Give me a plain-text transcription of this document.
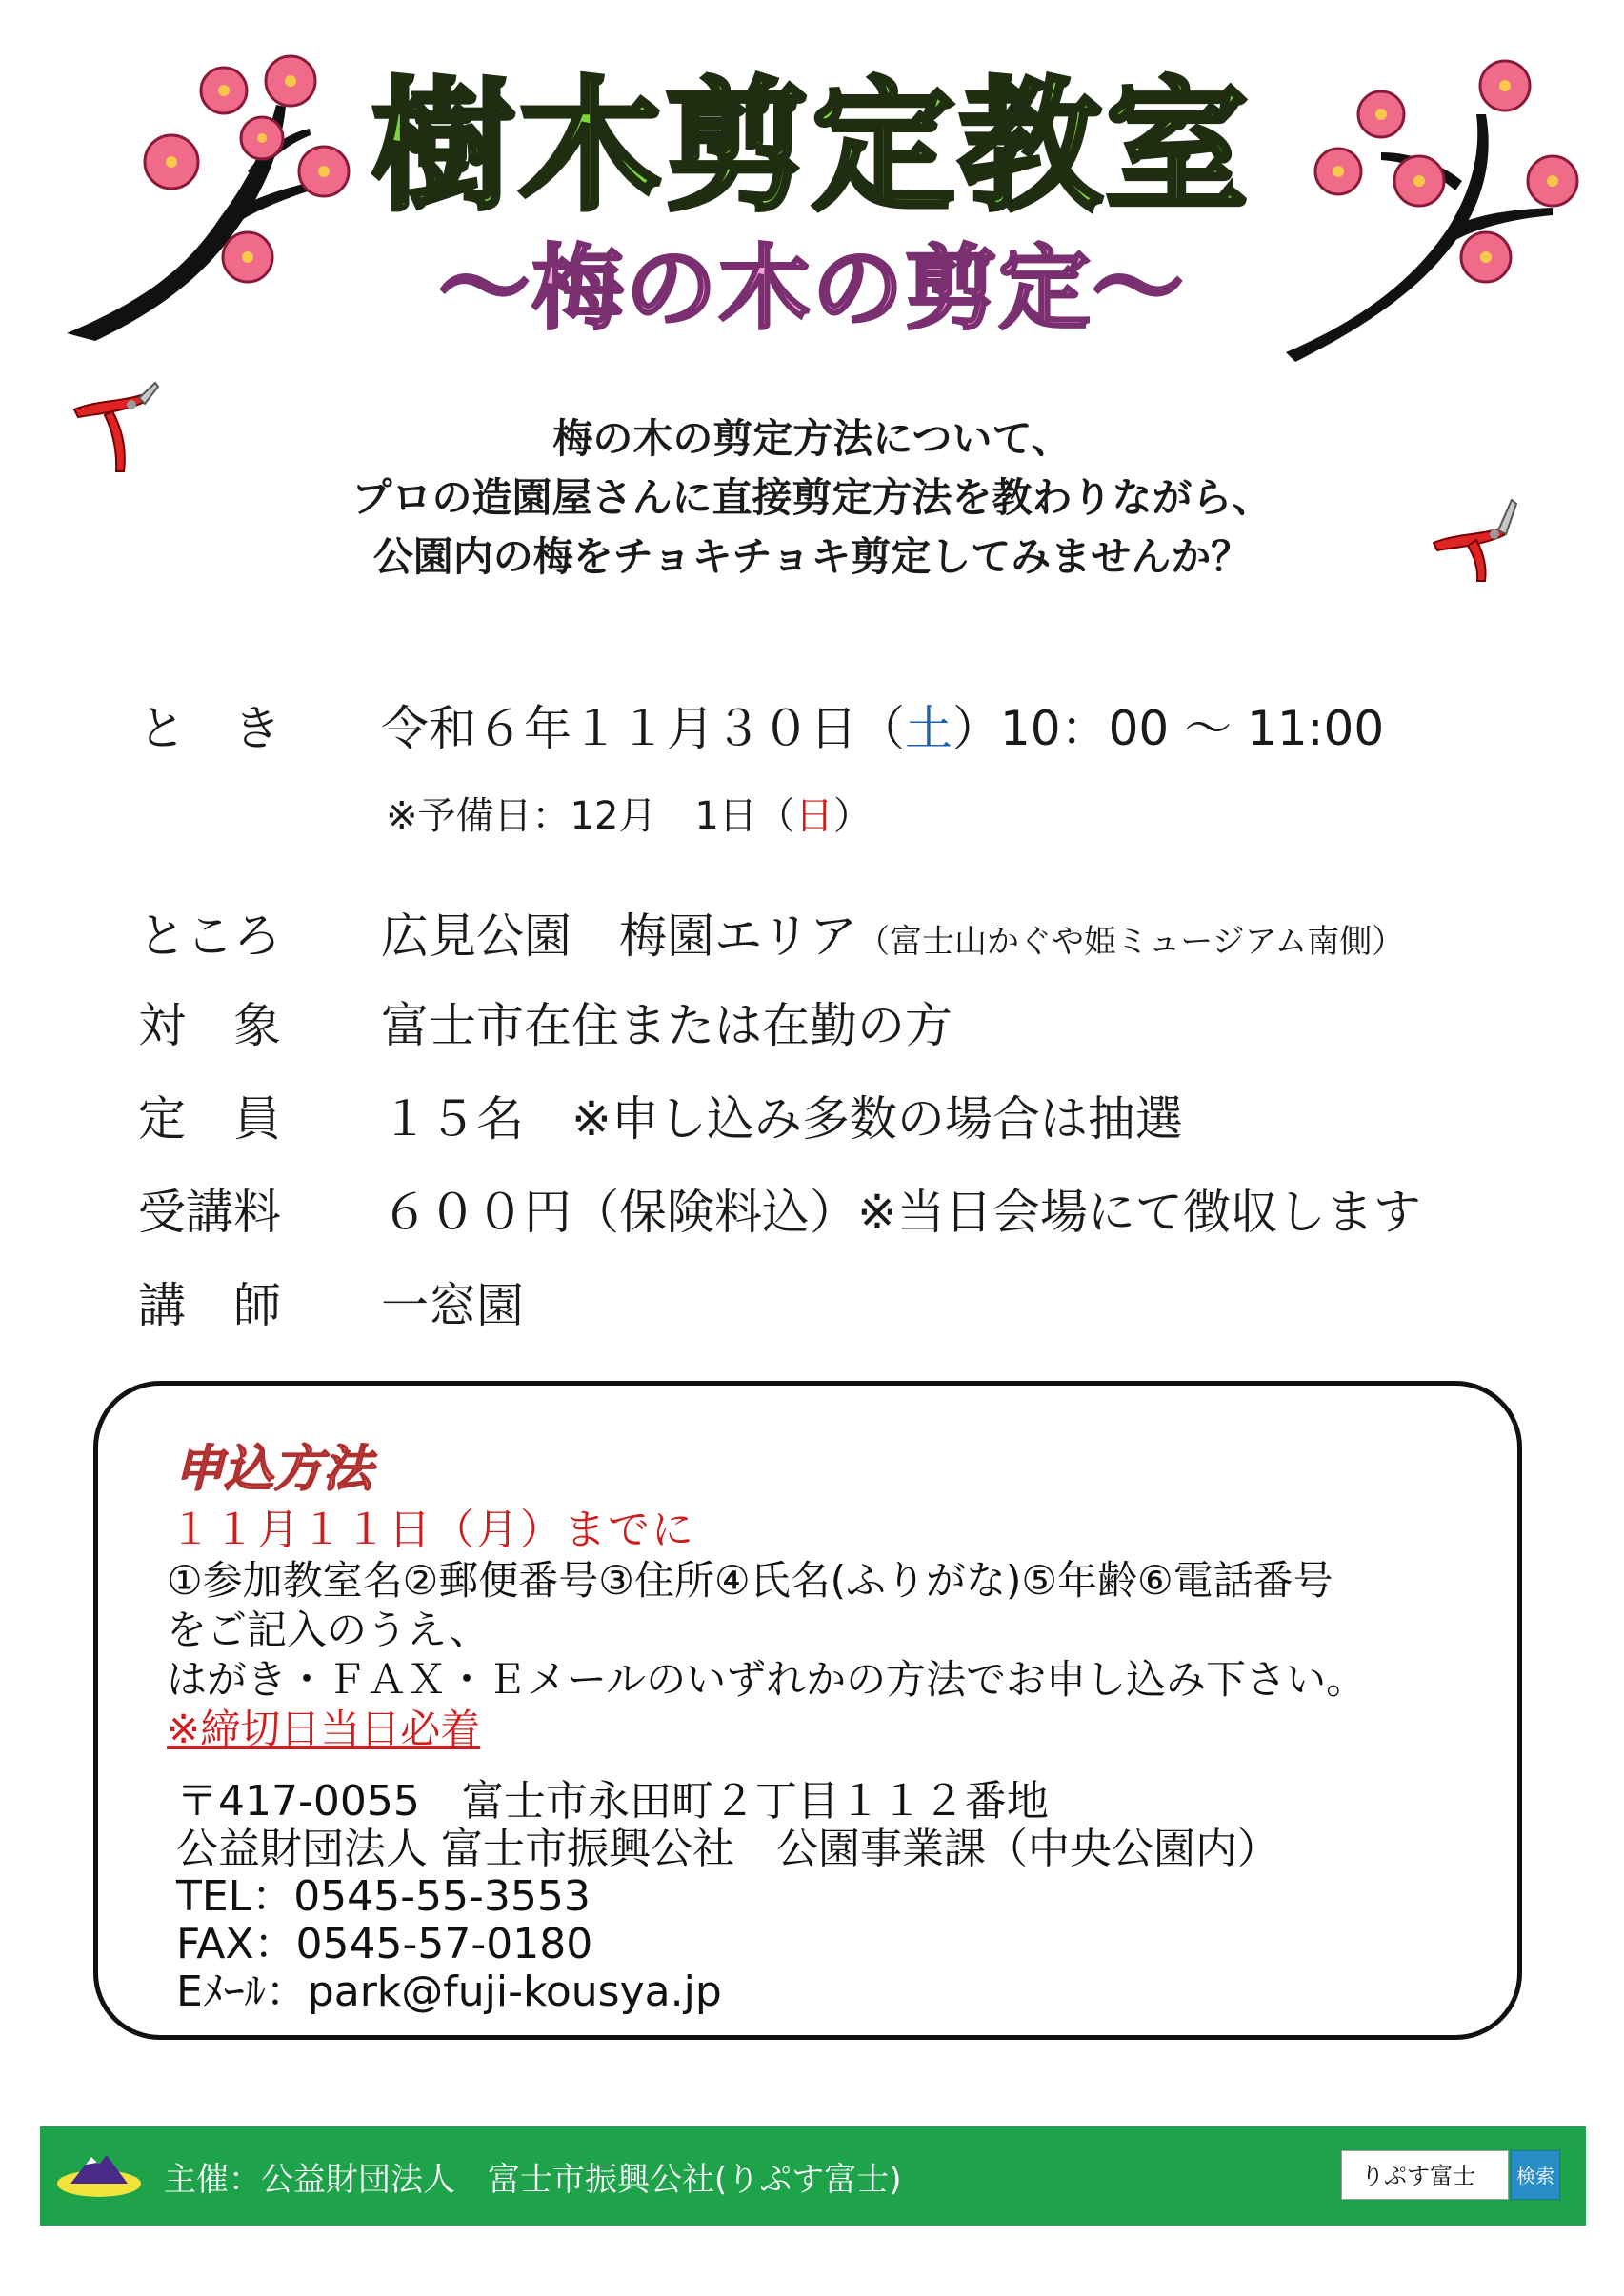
樹木剪定教室
～梅の木の剪定～
梅の木の剪定方法について、
プロの造園屋さんに直接剪定方法を教わりながら、
公園内の梅をチョキチョキ剪定してみませんか？
と　き	令和６年１１月３０日（土）10：00 ～ 11:00
※予備日：12月　1日（日）
ところ	広見公園　梅園エリア（富士山かぐや姫ミュージアム南側）
対　象	富士市在住または在勤の方
定　員	１５名　※申し込み多数の場合は抽選
受講料	６００円（保険料込）※当日会場にて徴収します
講　師	一窓園
申込方法
１１月１１日（月）までに
①参加教室名②郵便番号③住所④氏名(ふりがな)⑤年齢⑥電話番号
をご記入のうえ、
はがき・ＦＡＸ・Ｅメールのいずれかの方法でお申し込み下さい。
※締切日当日必着
〒417-0055　富士市永田町２丁目１１２番地
公益財団法人 富士市振興公社　公園事業課（中央公園内）
TEL：0545-55-3553
FAX：0545-57-0180
Eﾒｰﾙ：park@fuji-kousya.jp
主催：公益財団法人　富士市振興公社(りぷす富士)	りぷす富士	検索
